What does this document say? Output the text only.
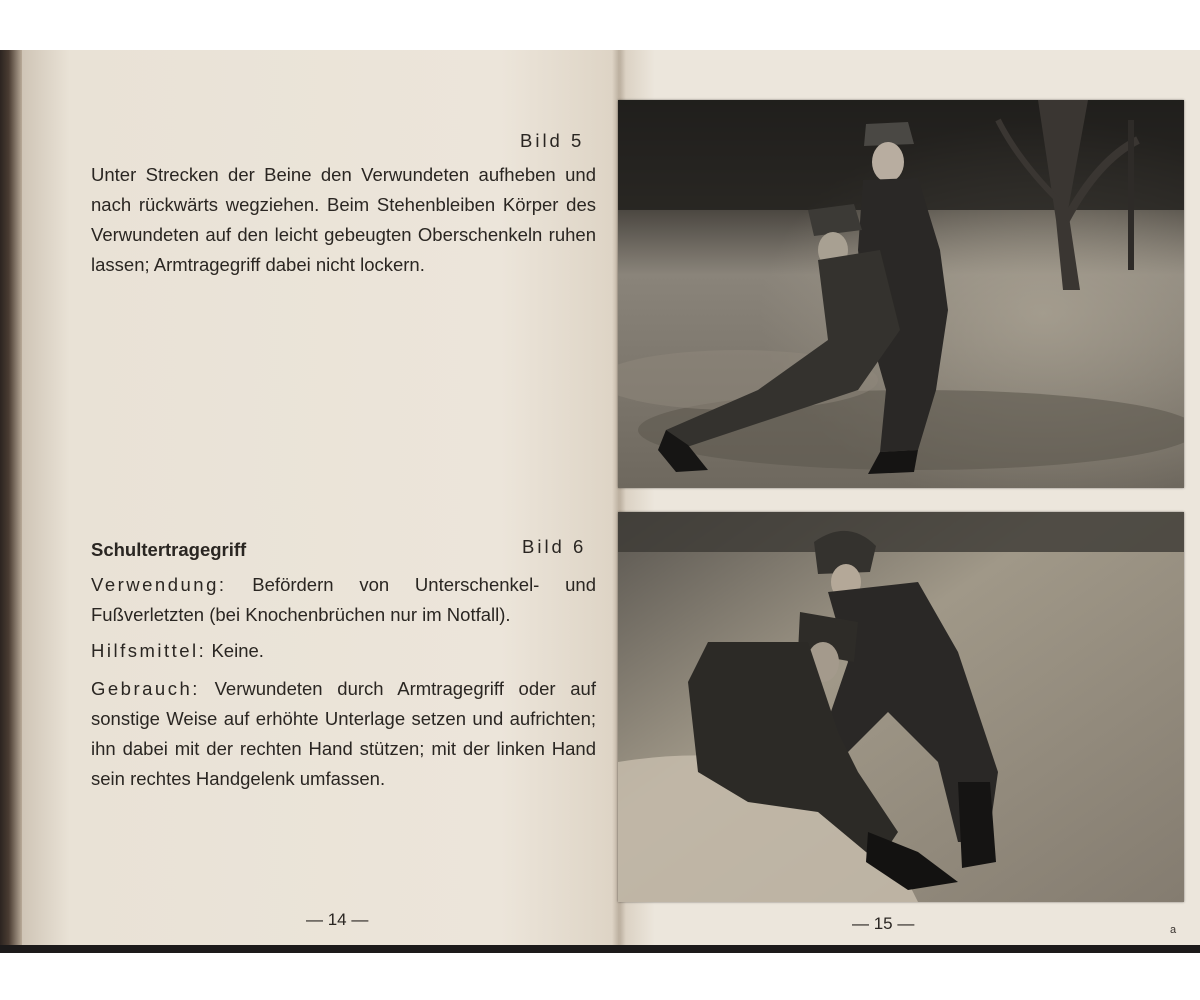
Bild 5
Unter Strecken der Beine den Verwundeten aufheben und nach rückwärts wegziehen. Beim Stehenbleiben Körper des Verwundeten auf den leicht gebeugten Oberschenkeln ruhen lassen; Armtragegriff dabei nicht lockern.
Schultertragegriff	Bild 6
Verwendung: Befördern von Unterschenkel- und Fußverletzten (bei Knochenbrüchen nur im Notfall).
Hilfsmittel: Keine.
Gebrauch: Verwundeten durch Armtragegriff oder auf sonstige Weise auf erhöhte Unterlage setzen und aufrichten; ihn dabei mit der rechten Hand stützen; mit der linken Hand sein rechtes Handgelenk umfassen.
— 14 —	— 15 —	a
